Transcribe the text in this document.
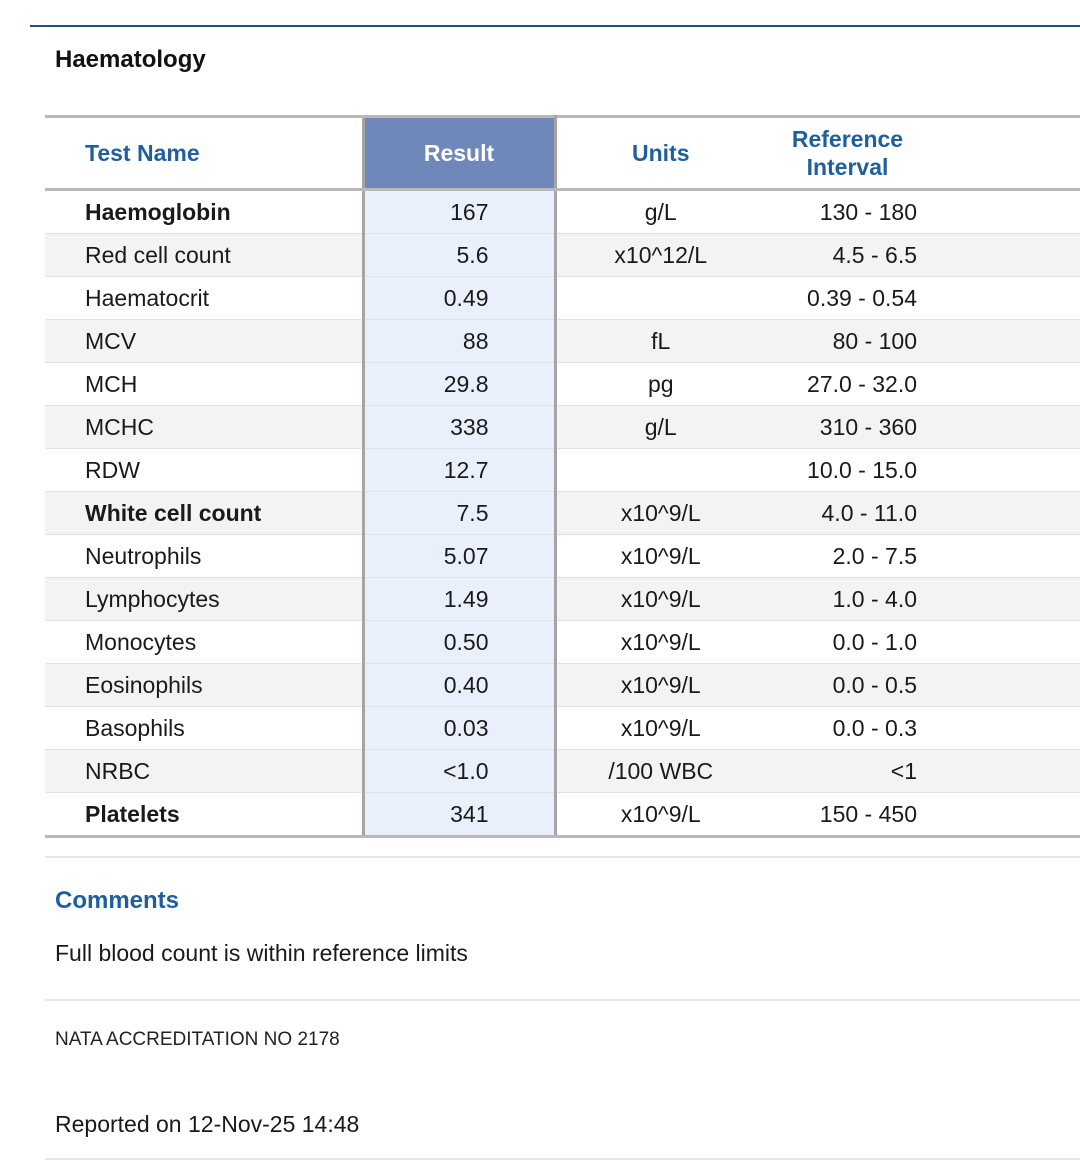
Haematology
Test Name	Result	Units	Reference
Interval
Haemoglobin	167	g/L	130 - 180
Red cell count	5.6	x10^12/L	4.5 - 6.5
Haematocrit	0.49		0.39 - 0.54
MCV	88	fL	80 - 100
MCH	29.8	pg	27.0 - 32.0
MCHC	338	g/L	310 - 360
RDW	12.7		10.0 - 15.0
White cell count	7.5	x10^9/L	4.0 - 11.0
Neutrophils	5.07	x10^9/L	2.0 - 7.5
Lymphocytes	1.49	x10^9/L	1.0 - 4.0
Monocytes	0.50	x10^9/L	0.0 - 1.0
Eosinophils	0.40	x10^9/L	0.0 - 0.5
Basophils	0.03	x10^9/L	0.0 - 0.3
NRBC	<1.0	/100 WBC	<1
Platelets	341	x10^9/L	150 - 450
Comments
Full blood count is within reference limits
NATA ACCREDITATION NO 2178
Reported on 12-Nov-25 14:48
